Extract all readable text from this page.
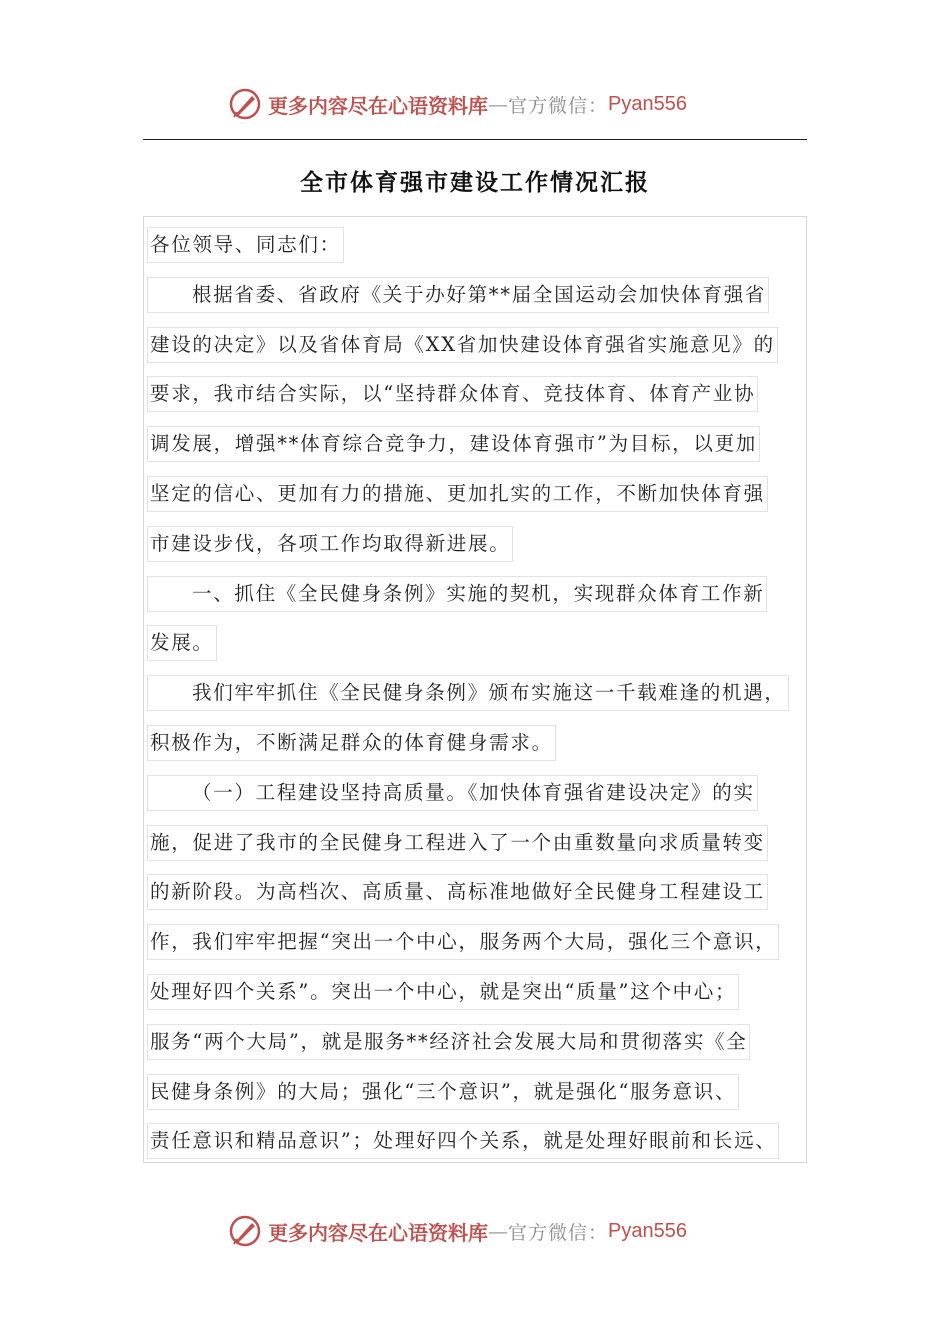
更多内容尽在心语资料库 — 官方微信： Pyan556
全市体育强市建设工作情况汇报
各位领导、同志们：
根据省委、省政府《关于办好第**届全国运动会加快体育强省
建设的决定》以及省体育局《XX省加快建设体育强省实施意见》的
要求，我市结合实际，以“坚持群众体育、竞技体育、体育产业协
调发展，增强**体育综合竞争力，建设体育强市”为目标，以更加
坚定的信心、更加有力的措施、更加扎实的工作，不断加快体育强
市建设步伐，各项工作均取得新进展。
一、抓住《全民健身条例》实施的契机，实现群众体育工作新
发展。
我们牢牢抓住《全民健身条例》颁布实施这一千载难逢的机遇，
积极作为，不断满足群众的体育健身需求。
（一）工程建设坚持高质量。《加快体育强省建设决定》的实
施，促进了我市的全民健身工程进入了一个由重数量向求质量转变
的新阶段。为高档次、高质量、高标准地做好全民健身工程建设工
作，我们牢牢把握“突出一个中心，服务两个大局，强化三个意识，
处理好四个关系”。突出一个中心，就是突出“质量”这个中心；
服务“两个大局”，就是服务**经济社会发展大局和贯彻落实《全
民健身条例》的大局；强化“三个意识”，就是强化“服务意识、
责任意识和精品意识”；处理好四个关系，就是处理好眼前和长远、
更多内容尽在心语资料库 — 官方微信： Pyan556
